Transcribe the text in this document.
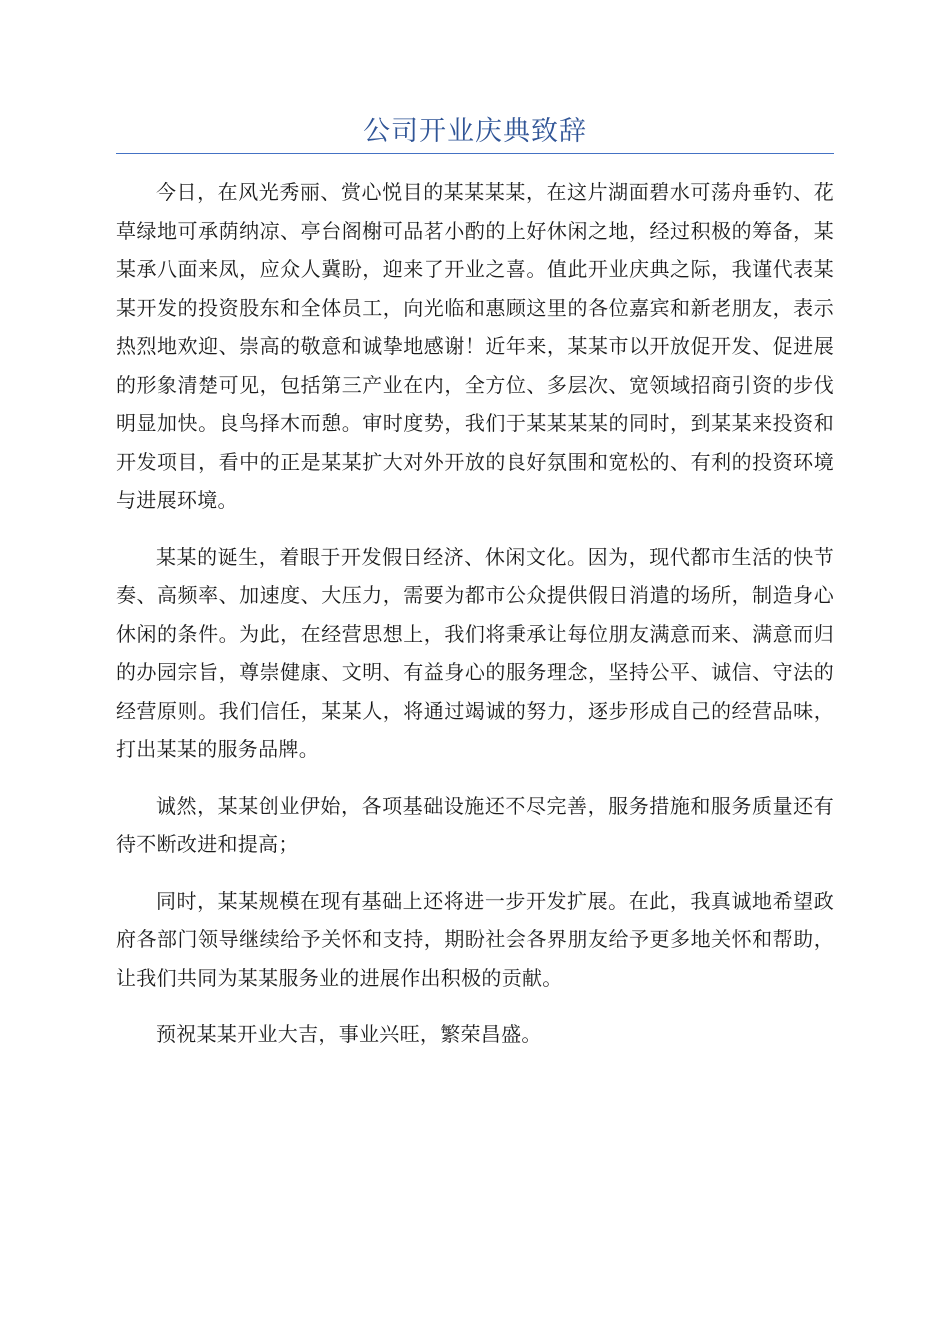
公司开业庆典致辞

今日，在风光秀丽、赏心悦目的某某某某，在这片湖面碧水可荡舟垂钓、花草绿地可承荫纳凉、亭台阁榭可品茗小酌的上好休闲之地，经过积极的筹备，某某承八面来凤，应众人冀盼，迎来了开业之喜。值此开业庆典之际，我谨代表某某开发的投资股东和全体员工，向光临和惠顾这里的各位嘉宾和新老朋友，表示热烈地欢迎、崇高的敬意和诚挚地感谢！近年来，某某市以开放促开发、促进展的形象清楚可见，包括第三产业在内，全方位、多层次、宽领域招商引资的步伐明显加快。良鸟择木而憩。审时度势，我们于某某某某的同时，到某某来投资和开发项目，看中的正是某某扩大对外开放的良好氛围和宽松的、有利的投资环境与进展环境。

某某的诞生，着眼于开发假日经济、休闲文化。因为，现代都市生活的快节奏、高频率、加速度、大压力，需要为都市公众提供假日消遣的场所，制造身心休闲的条件。为此，在经营思想上，我们将秉承让每位朋友满意而来、满意而归的办园宗旨，尊崇健康、文明、有益身心的服务理念，坚持公平、诚信、守法的经营原则。我们信任，某某人，将通过竭诚的努力，逐步形成自己的经营品味，打出某某的服务品牌。

诚然，某某创业伊始，各项基础设施还不尽完善，服务措施和服务质量还有待不断改进和提高；

同时，某某规模在现有基础上还将进一步开发扩展。在此，我真诚地希望政府各部门领导继续给予关怀和支持，期盼社会各界朋友给予更多地关怀和帮助，让我们共同为某某服务业的进展作出积极的贡献。

预祝某某开业大吉，事业兴旺，繁荣昌盛。
